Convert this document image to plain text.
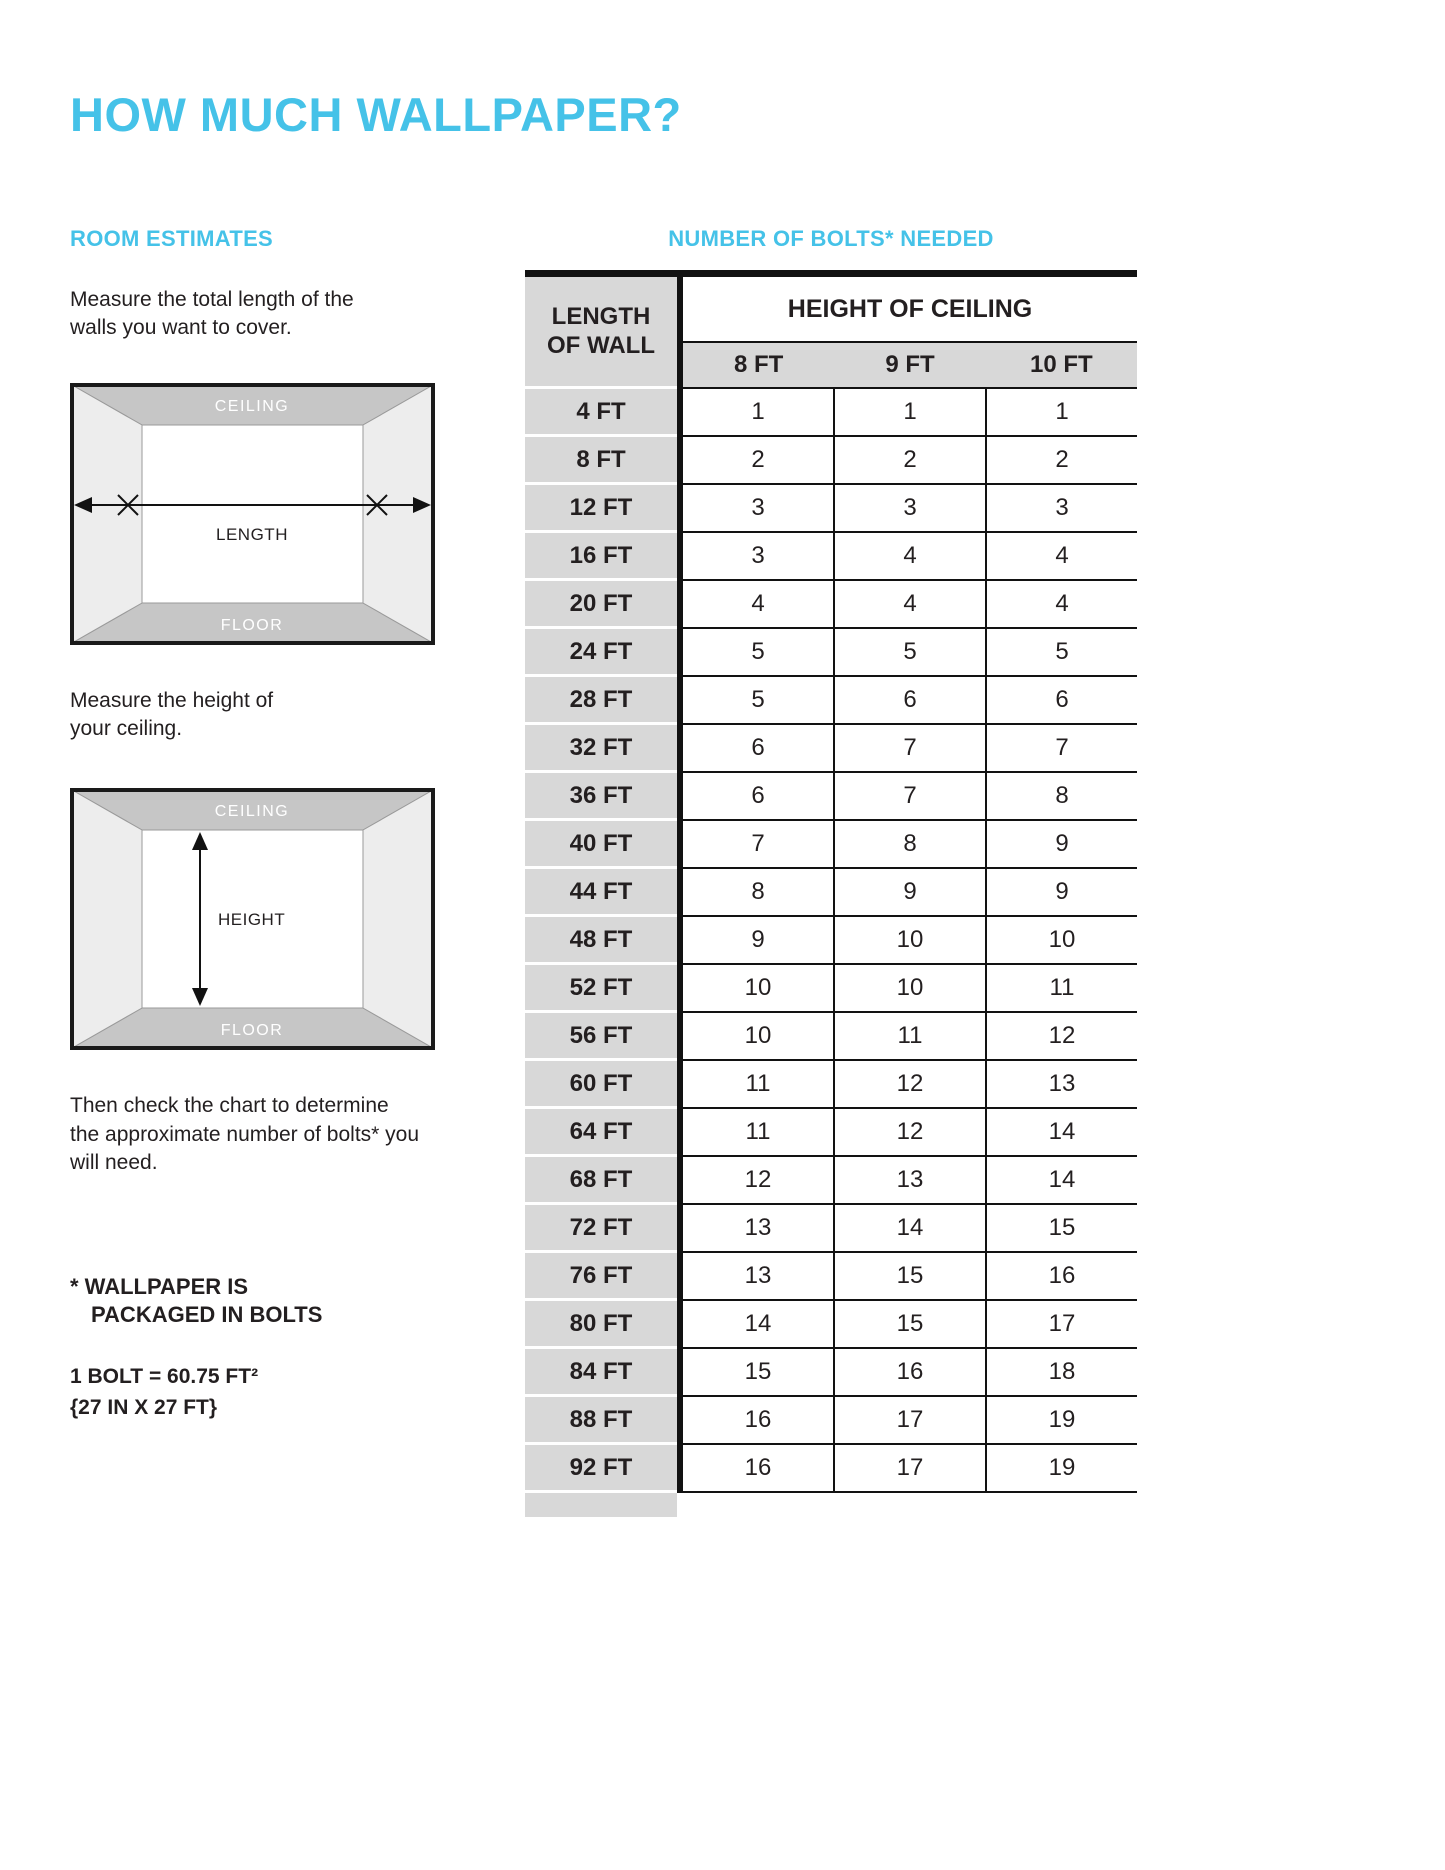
HOW MUCH WALLPAPER?
ROOM ESTIMATES

Measure the total length of the walls you want to cover.

CEILING
FLOOR
LENGTH

Measure the height of your ceiling.

CEILING
FLOOR
HEIGHT

Then check the chart to determine the approximate number of bolts* you will need.

* WALLPAPER IS
PACKAGED IN BOLTS
1 BOLT = 60.75 FT²
{27 IN X 27 FT}
NUMBER OF BOLTS* NEEDED
LENGTH OF WALL
HEIGHT OF CEILING
8 FT	9 FT	10 FT
4 FT	1	1	1
8 FT	2	2	2
12 FT	3	3	3
16 FT	3	4	4
20 FT	4	4	4
24 FT	5	5	5
28 FT	5	6	6
32 FT	6	7	7
36 FT	6	7	8
40 FT	7	8	9
44 FT	8	9	9
48 FT	9	10	10
52 FT	10	10	11
56 FT	10	11	12
60 FT	11	12	13
64 FT	11	12	14
68 FT	12	13	14
72 FT	13	14	15
76 FT	13	15	16
80 FT	14	15	17
84 FT	15	16	18
88 FT	16	17	19
92 FT	16	17	19
